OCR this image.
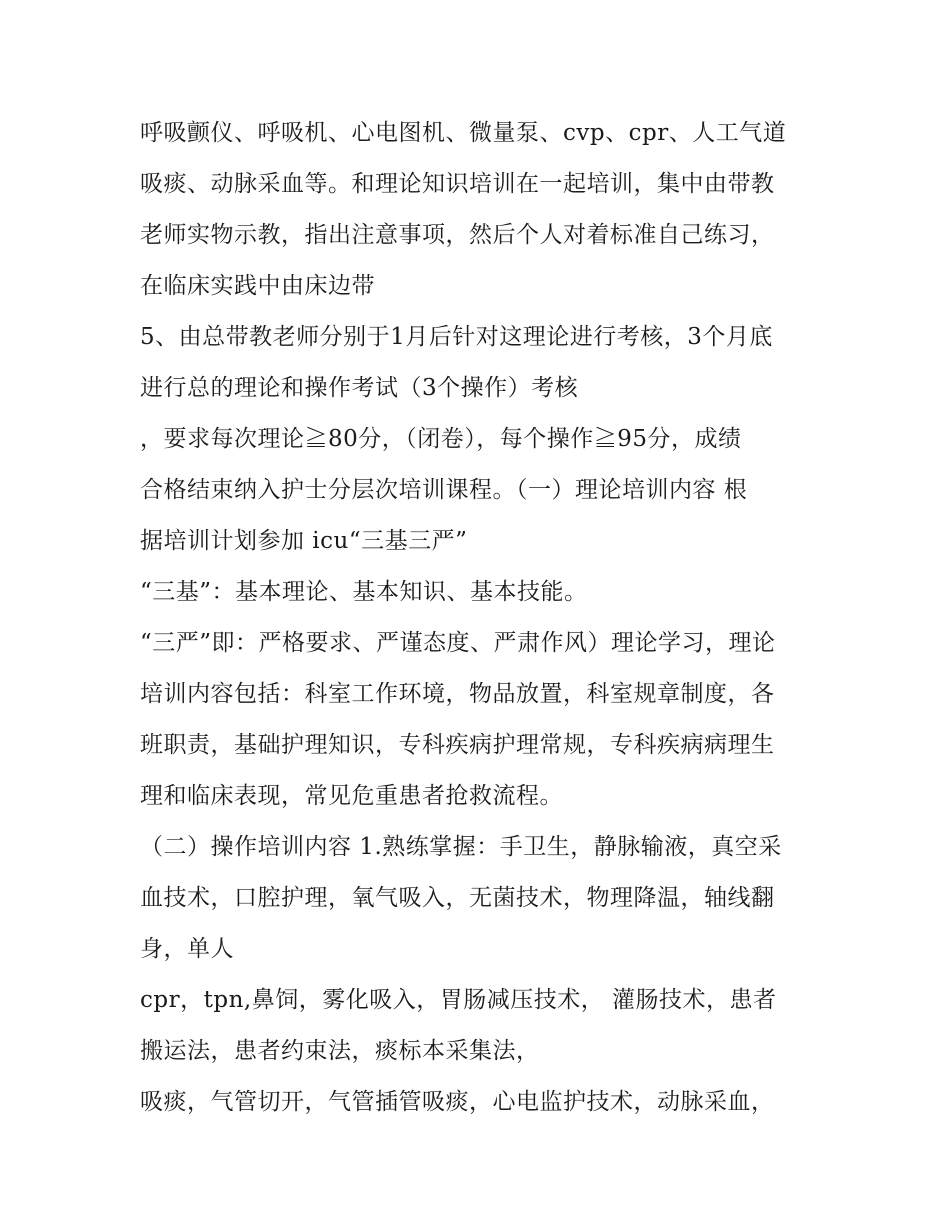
呼吸颤仪、呼吸机、心电图机、微量泵、cvp、cpr、人工气道
吸痰、动脉采血等。和理论知识培训在一起培训，集中由带教
老师实物示教，指出注意事项，然后个人对着标准自己练习，
在临床实践中由床边带
5、由总带教老师分别于1月后针对这理论进行考核，3个月底
进行总的理论和操作考试（3个操作）考核
，要求每次理论≧80分，（闭卷），每个操作≧95分，成绩
合格结束纳入护士分层次培训课程。（一）理论培训内容 根
据培训计划参加 icu“三基三严”
“三基”：基本理论、基本知识、基本技能。
“三严”即：严格要求、严谨态度、严肃作风）理论学习，理论
培训内容包括：科室工作环境，物品放置，科室规章制度，各
班职责，基础护理知识，专科疾病护理常规，专科疾病病理生
理和临床表现，常见危重患者抢救流程。
（二）操作培训内容 1.熟练掌握：手卫生，静脉输液，真空采
血技术，口腔护理，氧气吸入，无菌技术，物理降温，轴线翻
身，单人
cpr，tpn,鼻饲，雾化吸入，胃肠减压技术， 灌肠技术，患者
搬运法，患者约束法，痰标本采集法，
吸痰，气管切开，气管插管吸痰，心电监护技术，动脉采血，
